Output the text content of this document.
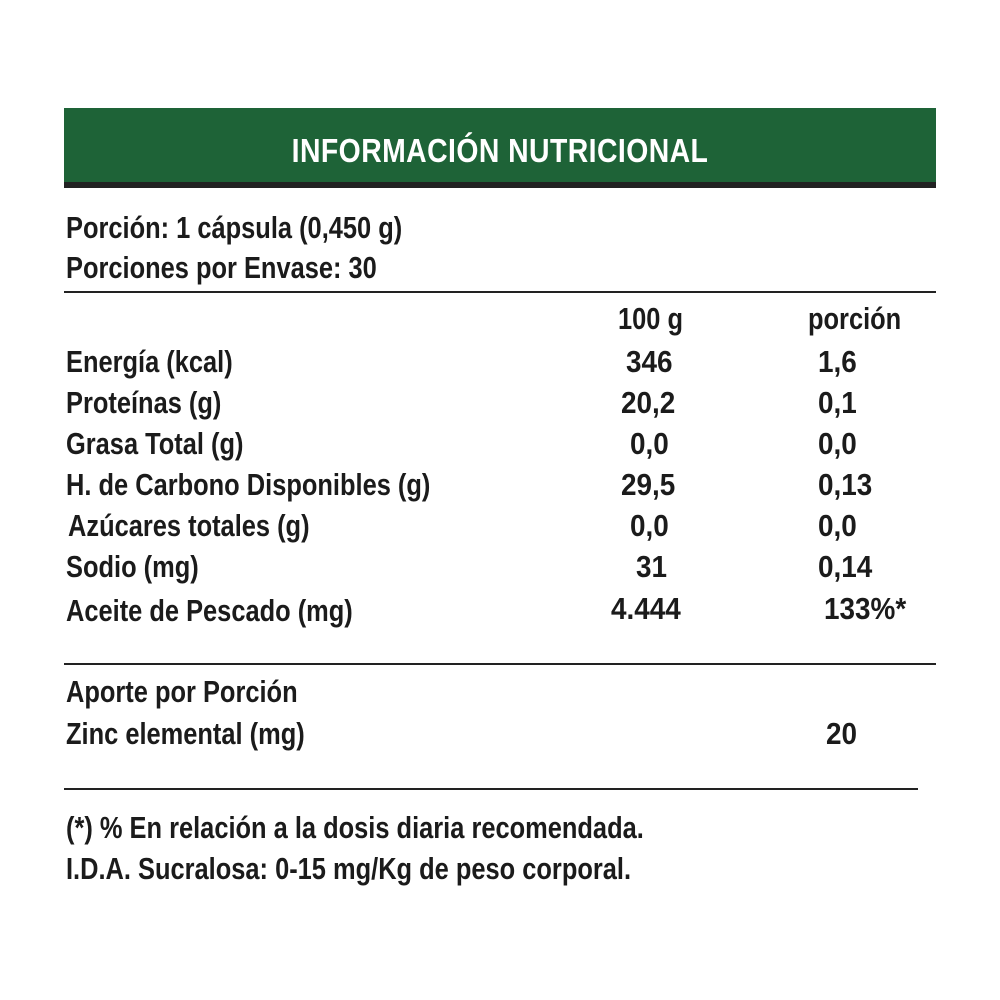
INFORMACIÓN NUTRICIONAL
Porción: 1 cápsula (0,450 g)
Porciones por Envase: 30
100 g	porción
Energía (kcal)	346	1,6
Proteínas (g)	20,2	0,1
Grasa Total (g)	0,0	0,0
H. de Carbono Disponibles (g)	29,5	0,13
Azúcares totales (g)	0,0	0,0
Sodio (mg)	31	0,14
Aceite de Pescado (mg)	4.444	133%*
Aporte por Porción
Zinc elemental (mg)	20
(*) % En relación a la dosis diaria recomendada.
I.D.A. Sucralosa: 0-15 mg/Kg de peso corporal.
